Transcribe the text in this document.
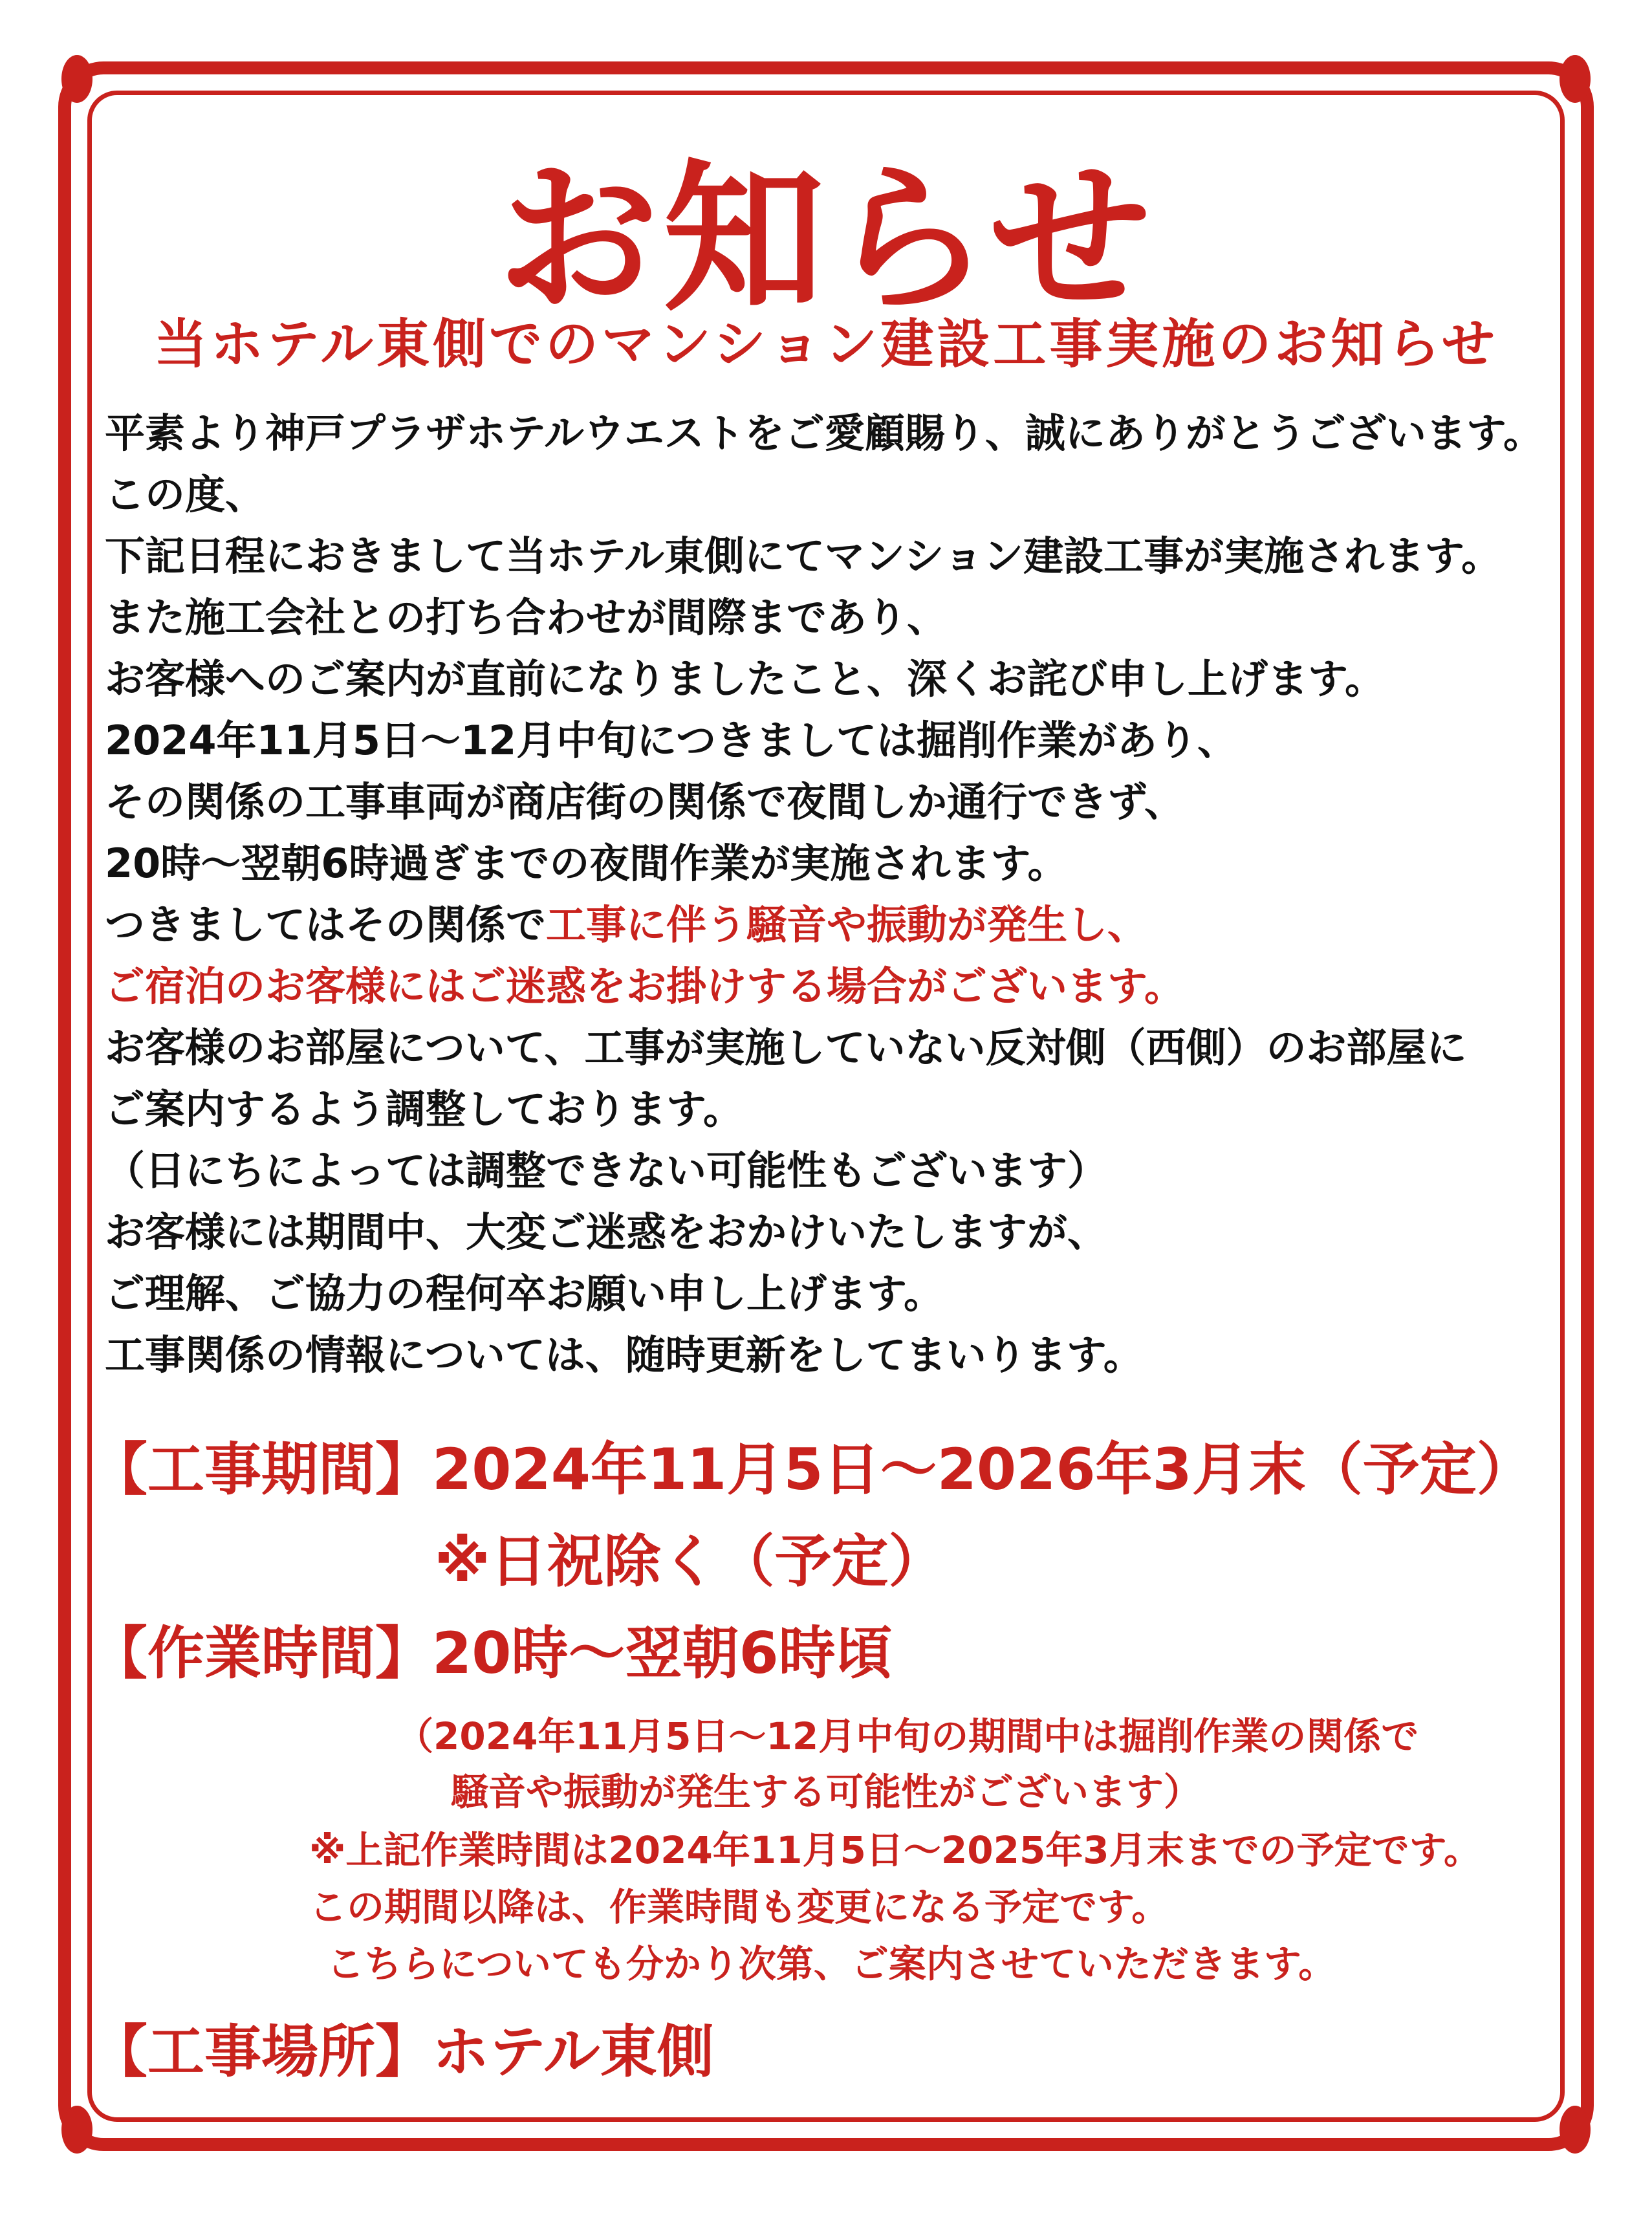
お知らせ
当ホテル東側でのマンション建設工事実施のお知らせ
平素より神戸プラザホテルウエストをご愛顧賜り、誠にありがとうございます。
この度、
下記日程におきまして当ホテル東側にてマンション建設工事が実施されます。
また施工会社との打ち合わせが間際まであり、
お客様へのご案内が直前になりましたこと、深くお詫び申し上げます。
2024年11月5日～12月中旬につきましては掘削作業があり、
その関係の工事車両が商店街の関係で夜間しか通行できず、
20時～翌朝6時過ぎまでの夜間作業が実施されます。
つきましてはその関係で工事に伴う騒音や振動が発生し、
ご宿泊のお客様にはご迷惑をお掛けする場合がございます。
お客様のお部屋について、工事が実施していない反対側（西側）のお部屋に
ご案内するよう調整しております。
（日にちによっては調整できない可能性もございます）
お客様には期間中、大変ご迷惑をおかけいたしますが、
ご理解、ご協力の程何卒お願い申し上げます。
工事関係の情報については、随時更新をしてまいります。
【工事期間】2024年11月5日～2026年3月末（予定）
※日祝除く（予定）
【作業時間】20時～翌朝6時頃
（2024年11月5日～12月中旬の期間中は掘削作業の関係で
騒音や振動が発生する可能性がございます）
※上記作業時間は2024年11月5日～2025年3月末までの予定です。
この期間以降は、作業時間も変更になる予定です。
こちらについても分かり次第、ご案内させていただきます。
【工事場所】ホテル東側
